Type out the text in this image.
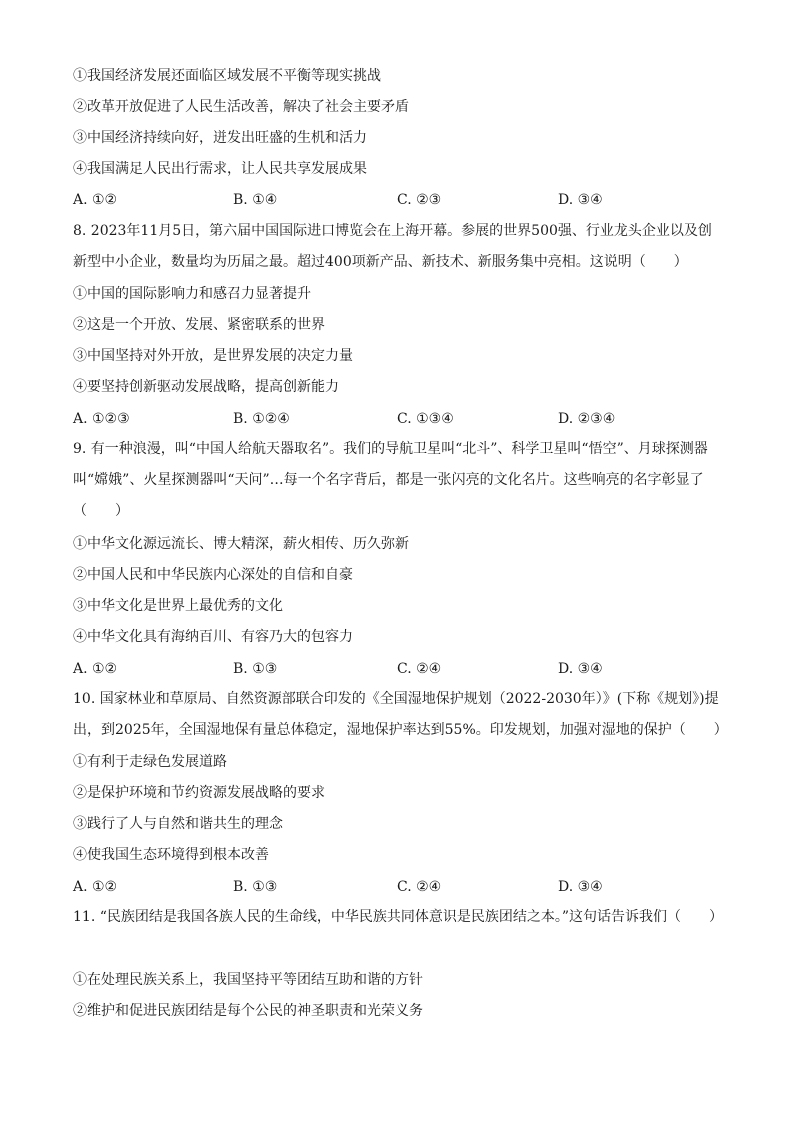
①我国经济发展还面临区域发展不平衡等现实挑战
②改革开放促进了人民生活改善，解决了社会主要矛盾
③中国经济持续向好，迸发出旺盛的生机和活力
④我国满足人民出行需求，让人民共享发展成果
A. ①②	B. ①④	C. ②③	D. ③④
8. 2023年11月5日，第六届中国国际进口博览会在上海开幕。参展的世界500强、行业龙头企业以及创新型中小企业，数量均为历届之最。超过400项新产品、新技术、新服务集中亮相。这说明（　　）
①中国的国际影响力和感召力显著提升
②这是一个开放、发展、紧密联系的世界
③中国坚持对外开放，是世界发展的决定力量
④要坚持创新驱动发展战略，提高创新能力
A. ①②③	B. ①②④	C. ①③④	D. ②③④
9. 有一种浪漫，叫“中国人给航天器取名”。我们的导航卫星叫“北斗”、科学卫星叫“悟空”、月球探测器叫“嫦娥”、火星探测器叫“天问”…每一个名字背后，都是一张闪亮的文化名片。这些响亮的名字彰显了（　　）
①中华文化源远流长、博大精深，薪火相传、历久弥新
②中国人民和中华民族内心深处的自信和自豪
③中华文化是世界上最优秀的文化
④中华文化具有海纳百川、有容乃大的包容力
A. ①②	B. ①③	C. ②④	D. ③④
10. 国家林业和草原局、自然资源部联合印发的《全国湿地保护规划（2022-2030年）》(下称《规划》)提出，到2025年，全国湿地保有量总体稳定，湿地保护率达到55%。印发规划，加强对湿地的保护（　　）
①有利于走绿色发展道路
②是保护环境和节约资源发展战略的要求
③践行了人与自然和谐共生的理念
④使我国生态环境得到根本改善
A. ①②	B. ①③	C. ②④	D. ③④
11. “民族团结是我国各族人民的生命线，中华民族共同体意识是民族团结之本。”这句话告诉我们（　　）
①在处理民族关系上，我国坚持平等团结互助和谐的方针
②维护和促进民族团结是每个公民的神圣职责和光荣义务
